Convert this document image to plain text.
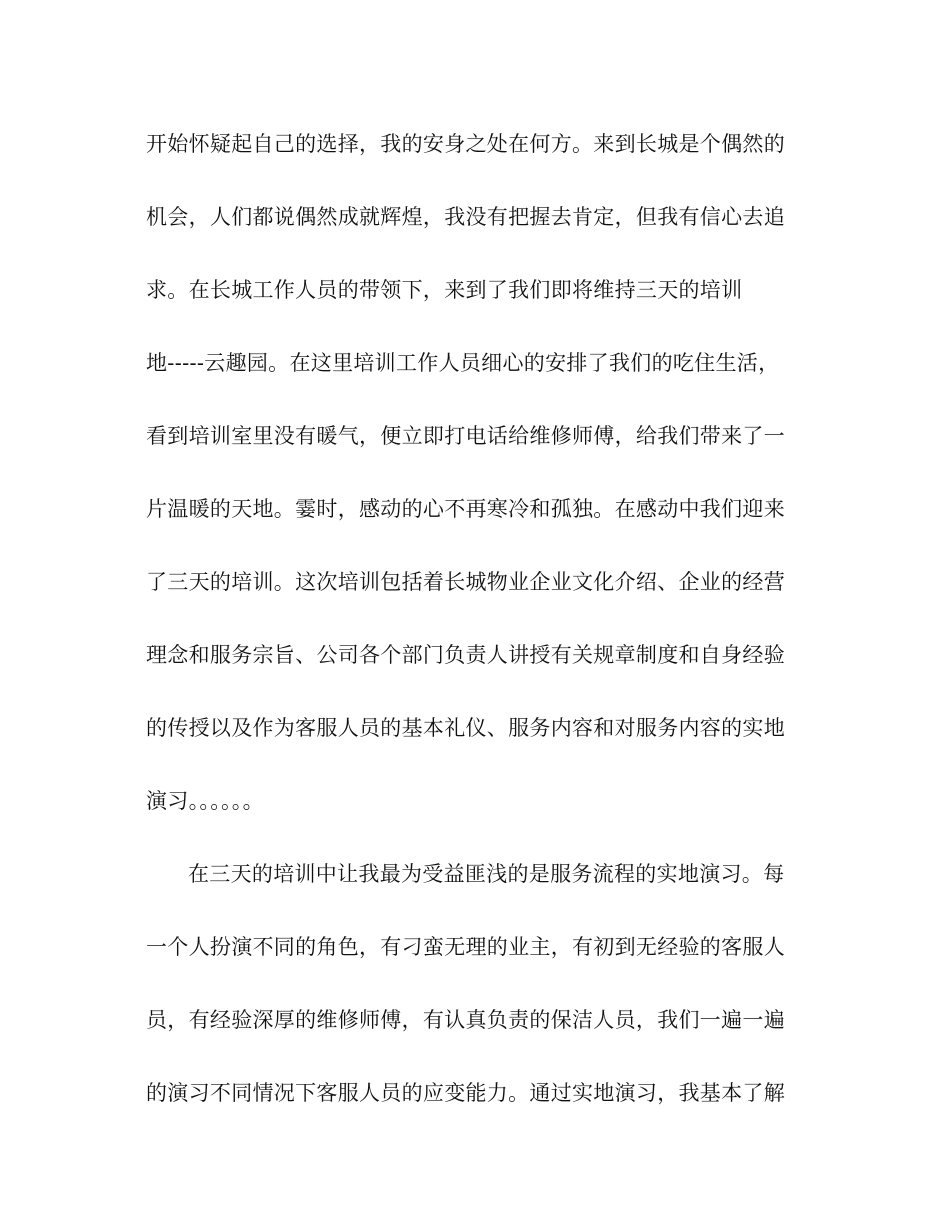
开始怀疑起自己的选择，我的安身之处在何方。来到长城是个偶然的
机会，人们都说偶然成就辉煌，我没有把握去肯定，但我有信心去追
求。在长城工作人员的带领下，来到了我们即将维持三天的培训
地-----云趣园。在这里培训工作人员细心的安排了我们的吃住生活，
看到培训室里没有暖气，便立即打电话给维修师傅，给我们带来了一
片温暖的天地。霎时，感动的心不再寒冷和孤独。在感动中我们迎来
了三天的培训。这次培训包括着长城物业企业文化介绍、企业的经营
理念和服务宗旨、公司各个部门负责人讲授有关规章制度和自身经验
的传授以及作为客服人员的基本礼仪、服务内容和对服务内容的实地
演习。。。。。。
在三天的培训中让我最为受益匪浅的是服务流程的实地演习。每
一个人扮演不同的角色，有刁蛮无理的业主，有初到无经验的客服人
员，有经验深厚的维修师傅，有认真负责的保洁人员，我们一遍一遍
的演习不同情况下客服人员的应变能力。通过实地演习，我基本了解
